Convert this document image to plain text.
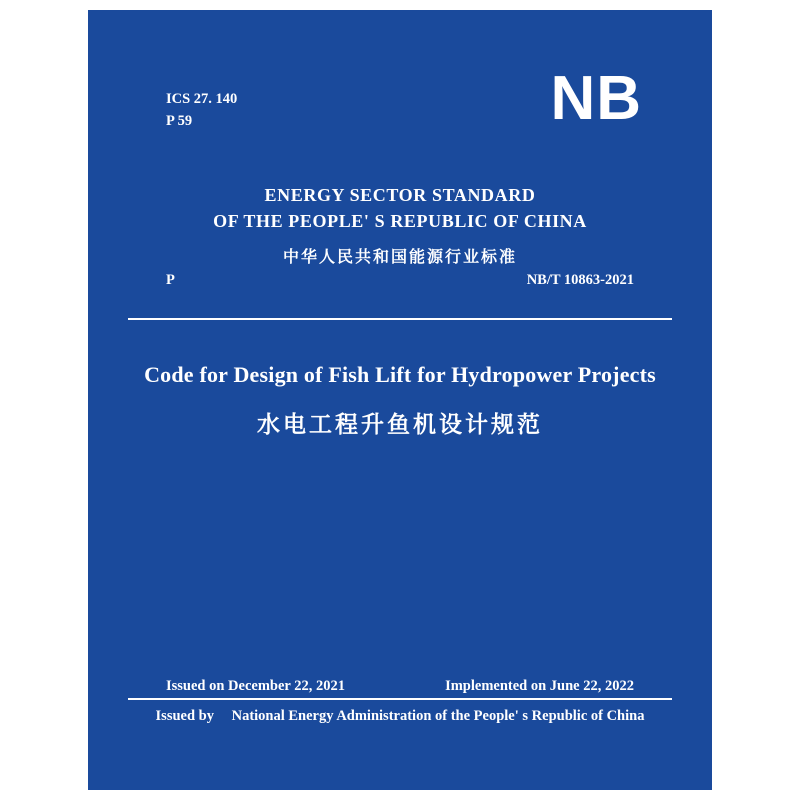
NB
ICS 27. 140
P 59
ENERGY SECTOR STANDARD
OF THE PEOPLE' S REPUBLIC OF CHINA
中华人民共和国能源行业标准
P	NB/T 10863-2021
Code for Design of Fish Lift for Hydropower Projects
水电工程升鱼机设计规范
Issued on December 22, 2021	Implemented on June 22, 2022
Issued by National Energy Administration of the People' s Republic of China
